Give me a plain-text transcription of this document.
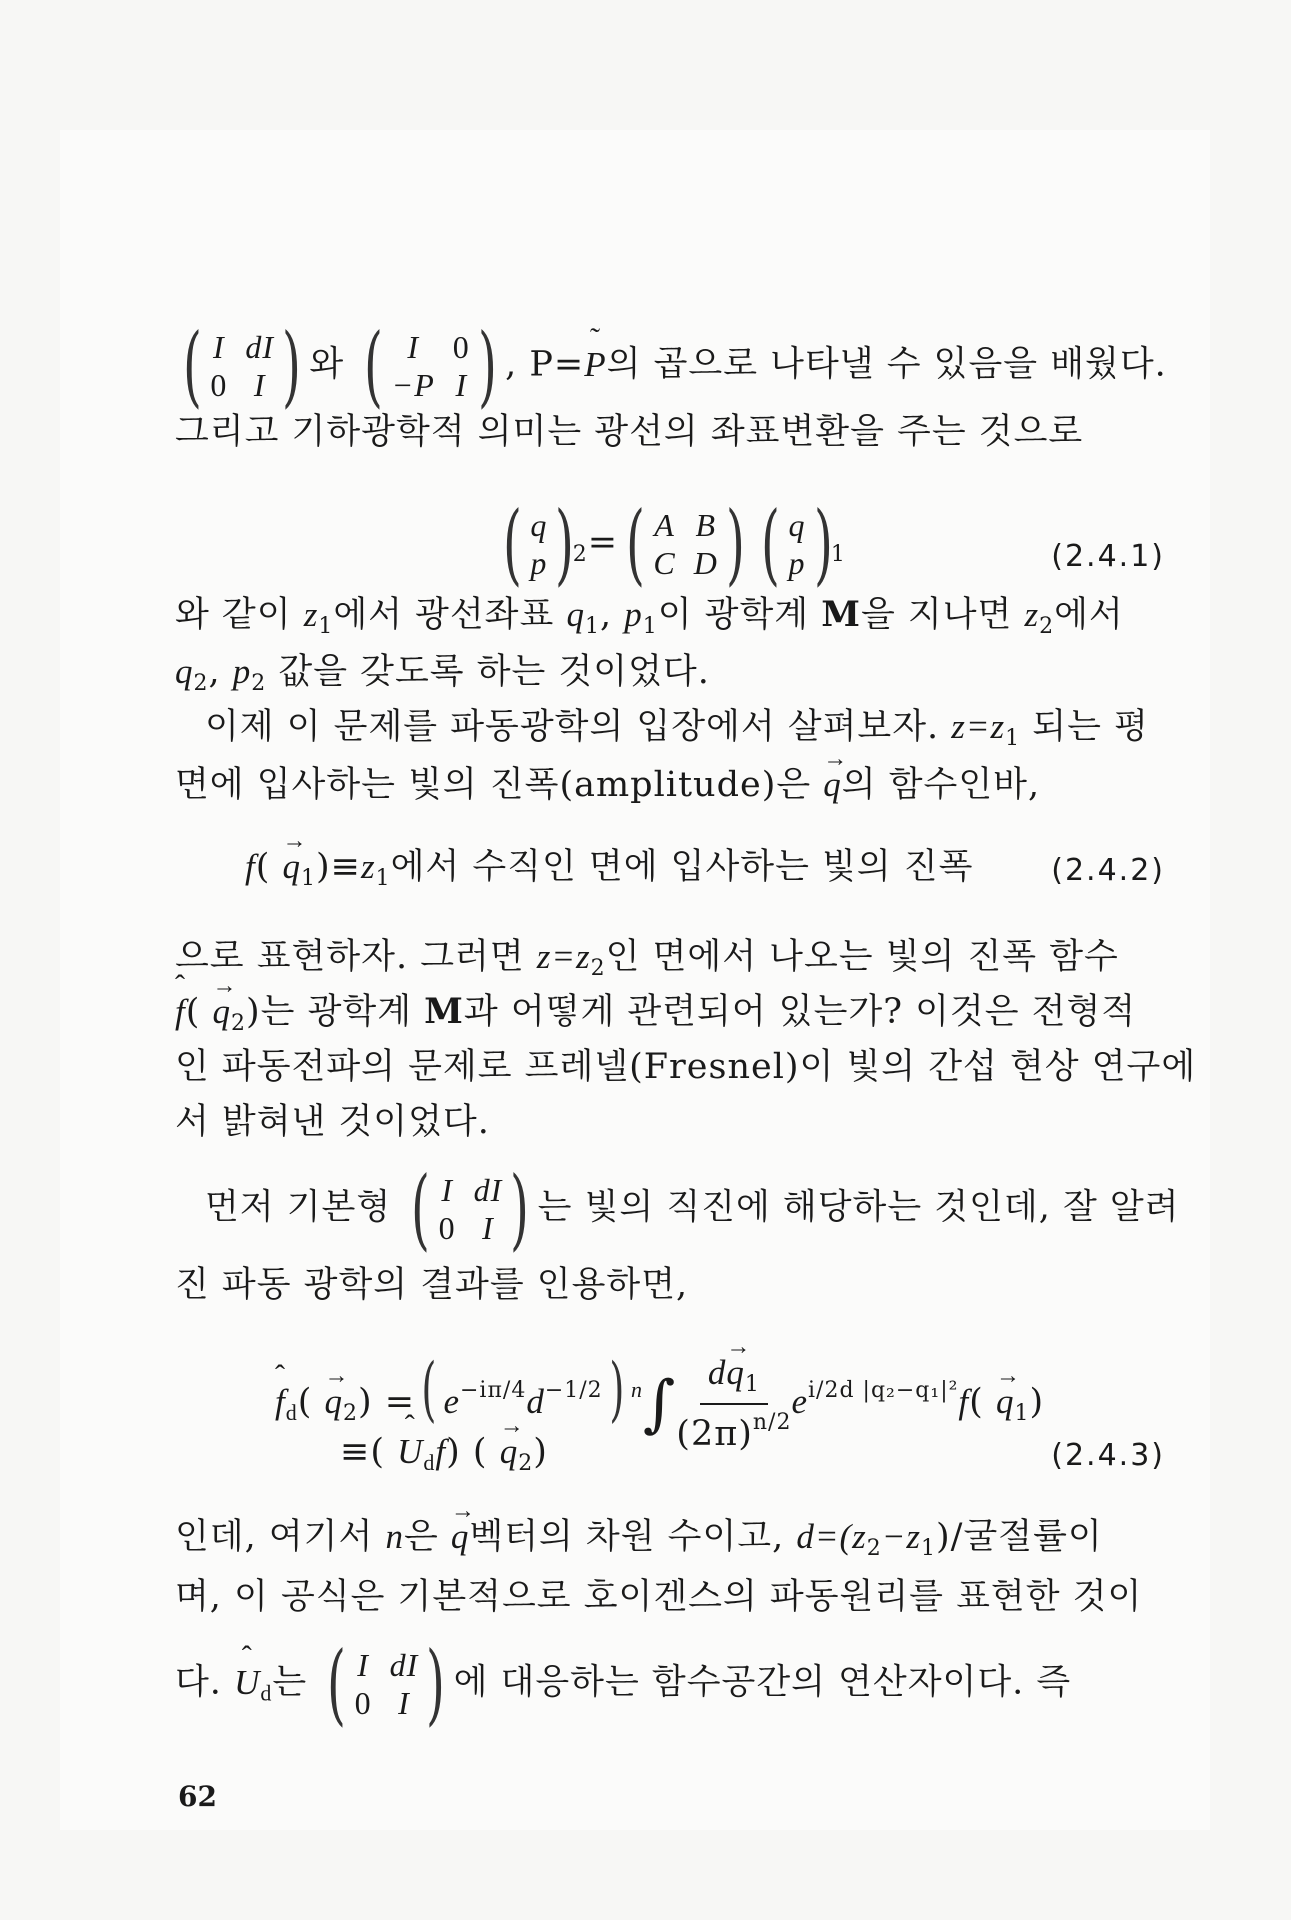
( I dI
0 I ) 와 ( I	0
−P I ) , P=˜ P의 곱으로 나타낼 수 있음을 배웠다.
그리고 기하광학적 의미는 광선의 좌표변환을 주는 것으로
( q
p )
$_2$= ( A B
C D ) ( q
p )
$_1$	(2.4.1)
와 같이 $z_1$에서 광선좌표 $q_1$, $p_1$이 광학계 M을 지나면 $z_2$에서
$q_2$, $p_2$ 값을 갖도록 하는 것이었다.
이제 이 문제를 파동광학의 입장에서 살펴보자. $z=z_1$ 되는 평
면에 입사하는 빛의 진폭(amplitude)은 → q의 함수인바,
$f( \to q_1)\equiv z_1$에서 수직인 면에 입사하는 빛의 진폭	(2.4.2)
으로 표현하자. 그러면 $z=z_2$인 면에서 나오는 빛의 진폭 함수
ˆ $f( \to q_2)$는 광학계 M과 어떻게 관련되어 있는가? 이것은 전형적
인 파동전파의 문제로 프레넬(Fresnel)이 빛의 간섭 현상 연구에
서 밝혀낸 것이었다.
먼저 기본형 ( I dI
0 I ) 는 빛의 직진에 해당하는 것인데, 잘 알려
진 파동 광학의 결과를 인용하면,
ˆ $f_d( \to q_2)$ =( $e^{-i\pi/4}d^{-1/2}$) $^n\int \frac{d\to q_1}{(2\pi)^{n/2}} e^{i/2d |q_2-q_1|^2}f( \to q_1)$
≡( ˆ $U_df$) ( → $q_2$)	(2.4.3)
인데, 여기서 n은 → q벡터의 차원 수이고, $d=(z_2-z_1)/$굴절률이
며, 이 공식은 기본적으로 호이겐스의 파동원리를 표현한 것이
다. ˆ $U_d$는 ( I dI
0 I ) 에 대응하는 함수공간의 연산자이다. 즉
62
